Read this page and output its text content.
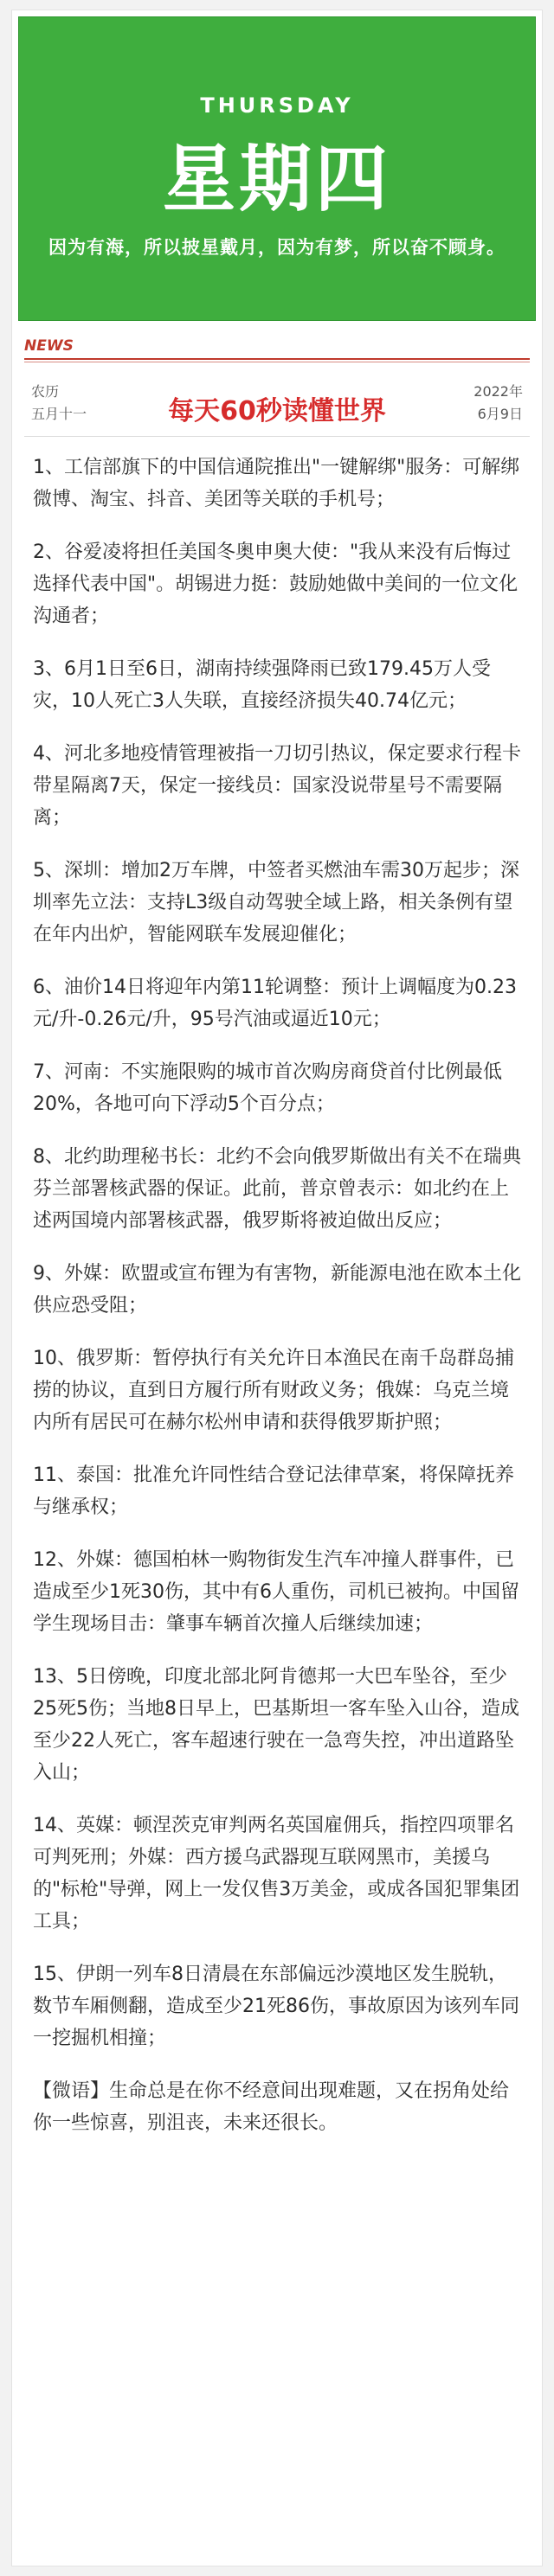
THURSDAY
星期四
因为有海，所以披星戴月，因为有梦，所以奋不顾身。
NEWS
农历
五月十一	每天60秒读懂世界
2022年
6月9日
1、工信部旗下的中国信通院推出"一键解绑"服务：可解绑微博、淘宝、抖音、美团等关联的手机号；
2、谷爱凌将担任美国冬奥申奥大使："我从来没有后悔过选择代表中国"。胡锡进力挺：鼓励她做中美间的一位文化沟通者；
3、6月1日至6日，湖南持续强降雨已致179.45万人受灾，10人死亡3人失联，直接经济损失40.74亿元；
4、河北多地疫情管理被指一刀切引热议，保定要求行程卡带星隔离7天，保定一接线员：国家没说带星号不需要隔离；
5、深圳：增加2万车牌，中签者买燃油车需30万起步；深圳率先立法：支持L3级自动驾驶全域上路，相关条例有望在年内出炉，智能网联车发展迎催化；
6、油价14日将迎年内第11轮调整：预计上调幅度为0.23元/升-0.26元/升，95号汽油或逼近10元；
7、河南：不实施限购的城市首次购房商贷首付比例最低20%，各地可向下浮动5个百分点；
8、北约助理秘书长：北约不会向俄罗斯做出有关不在瑞典芬兰部署核武器的保证。此前，普京曾表示：如北约在上述两国境内部署核武器，俄罗斯将被迫做出反应；
9、外媒：欧盟或宣布锂为有害物，新能源电池在欧本土化供应恐受阻；
10、俄罗斯：暂停执行有关允许日本渔民在南千岛群岛捕捞的协议，直到日方履行所有财政义务；俄媒：乌克兰境内所有居民可在赫尔松州申请和获得俄罗斯护照；
11、泰国：批准允许同性结合登记法律草案，将保障抚养与继承权；
12、外媒：德国柏林一购物街发生汽车冲撞人群事件，已造成至少1死30伤，其中有6人重伤，司机已被拘。中国留学生现场目击：肇事车辆首次撞人后继续加速；
13、5日傍晚，印度北部北阿肯德邦一大巴车坠谷，至少25死5伤；当地8日早上，巴基斯坦一客车坠入山谷，造成至少22人死亡，客车超速行驶在一急弯失控，冲出道路坠入山；
14、英媒：顿涅茨克审判两名英国雇佣兵，指控四项罪名可判死刑；外媒：西方援乌武器现互联网黑市，美援乌的"标枪"导弹，网上一发仅售3万美金，或成各国犯罪集团工具；
15、伊朗一列车8日清晨在东部偏远沙漠地区发生脱轨，数节车厢侧翻，造成至少21死86伤，事故原因为该列车同一挖掘机相撞；
【微语】生命总是在你不经意间出现难题，又在拐角处给你一些惊喜，别沮丧，未来还很长。
